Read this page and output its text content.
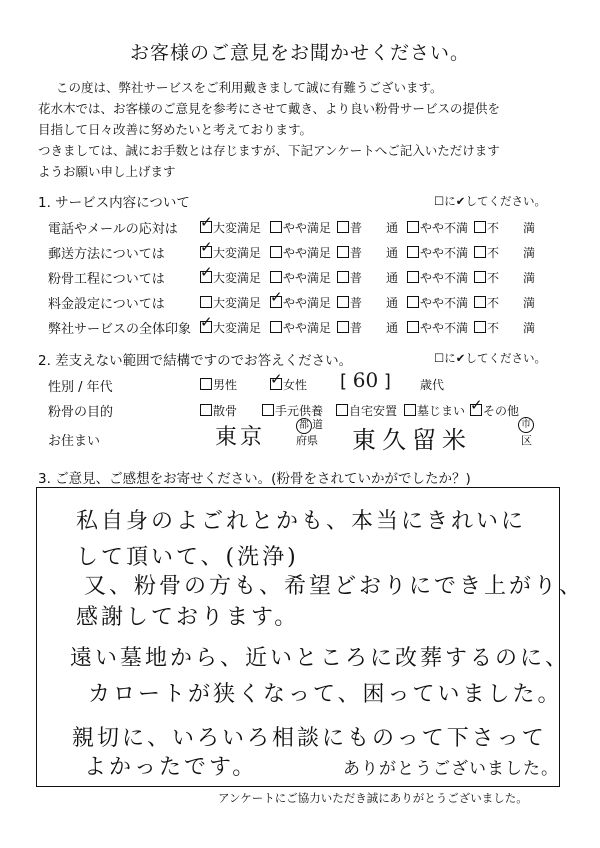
お客様のご意見をお聞かせください。
この度は、弊社サービスをご利用戴きまして誠に有難うございます。
花水木では、お客様のご意見を参考にさせて戴き、より良い粉骨サービスの提供を
目指して日々改善に努めたいと考えております。
つきましては、誠にお手数とは存じますが、下記アンケートへご記入いただけます
ようお願い申し上げます
1. サービス内容について	☐に✔してください。
電話やメールの応対は ✓ 大変満足	やや満足	普　　通	やや不満	不　　満
郵送方法については ✓ 大変満足	やや満足	普　　通	やや不満	不　　満
粉骨工程については ✓ 大変満足	やや満足	普　　通	やや不満	不　　満
料金設定については	大変満足 ✓ やや満足	普　　通	やや不満	不　　満
弊社サービスの全体印象 ✓ 大変満足	やや満足	普　　通	やや不満	不　　満
2. 差支えない範囲で結構ですのでお答えください。	☐に✔してください。
性別 / 年代	男性 ✓ 女性 [ 60 ] 歳代
粉骨の目的	散骨	手元供養	自宅安置	墓じまい ✓ その他
お住まい	東京	都 道
府県 東久留米
市
区
3. ご意見、ご感想をお寄せください。(粉骨をされていかがでしたか？)
私自身のよごれとかも、本当にきれいに
して頂いて、(洗浄)
又、粉骨の方も、希望どおりにでき上がり、
感謝しております。
遠い墓地から、近いところに改葬するのに、
カロートが狭くなって、困っていました。
親切に、いろいろ相談にものって下さって
よかったです。	ありがとうございました。
アンケートにご協力いただき誠にありがとうございました。
